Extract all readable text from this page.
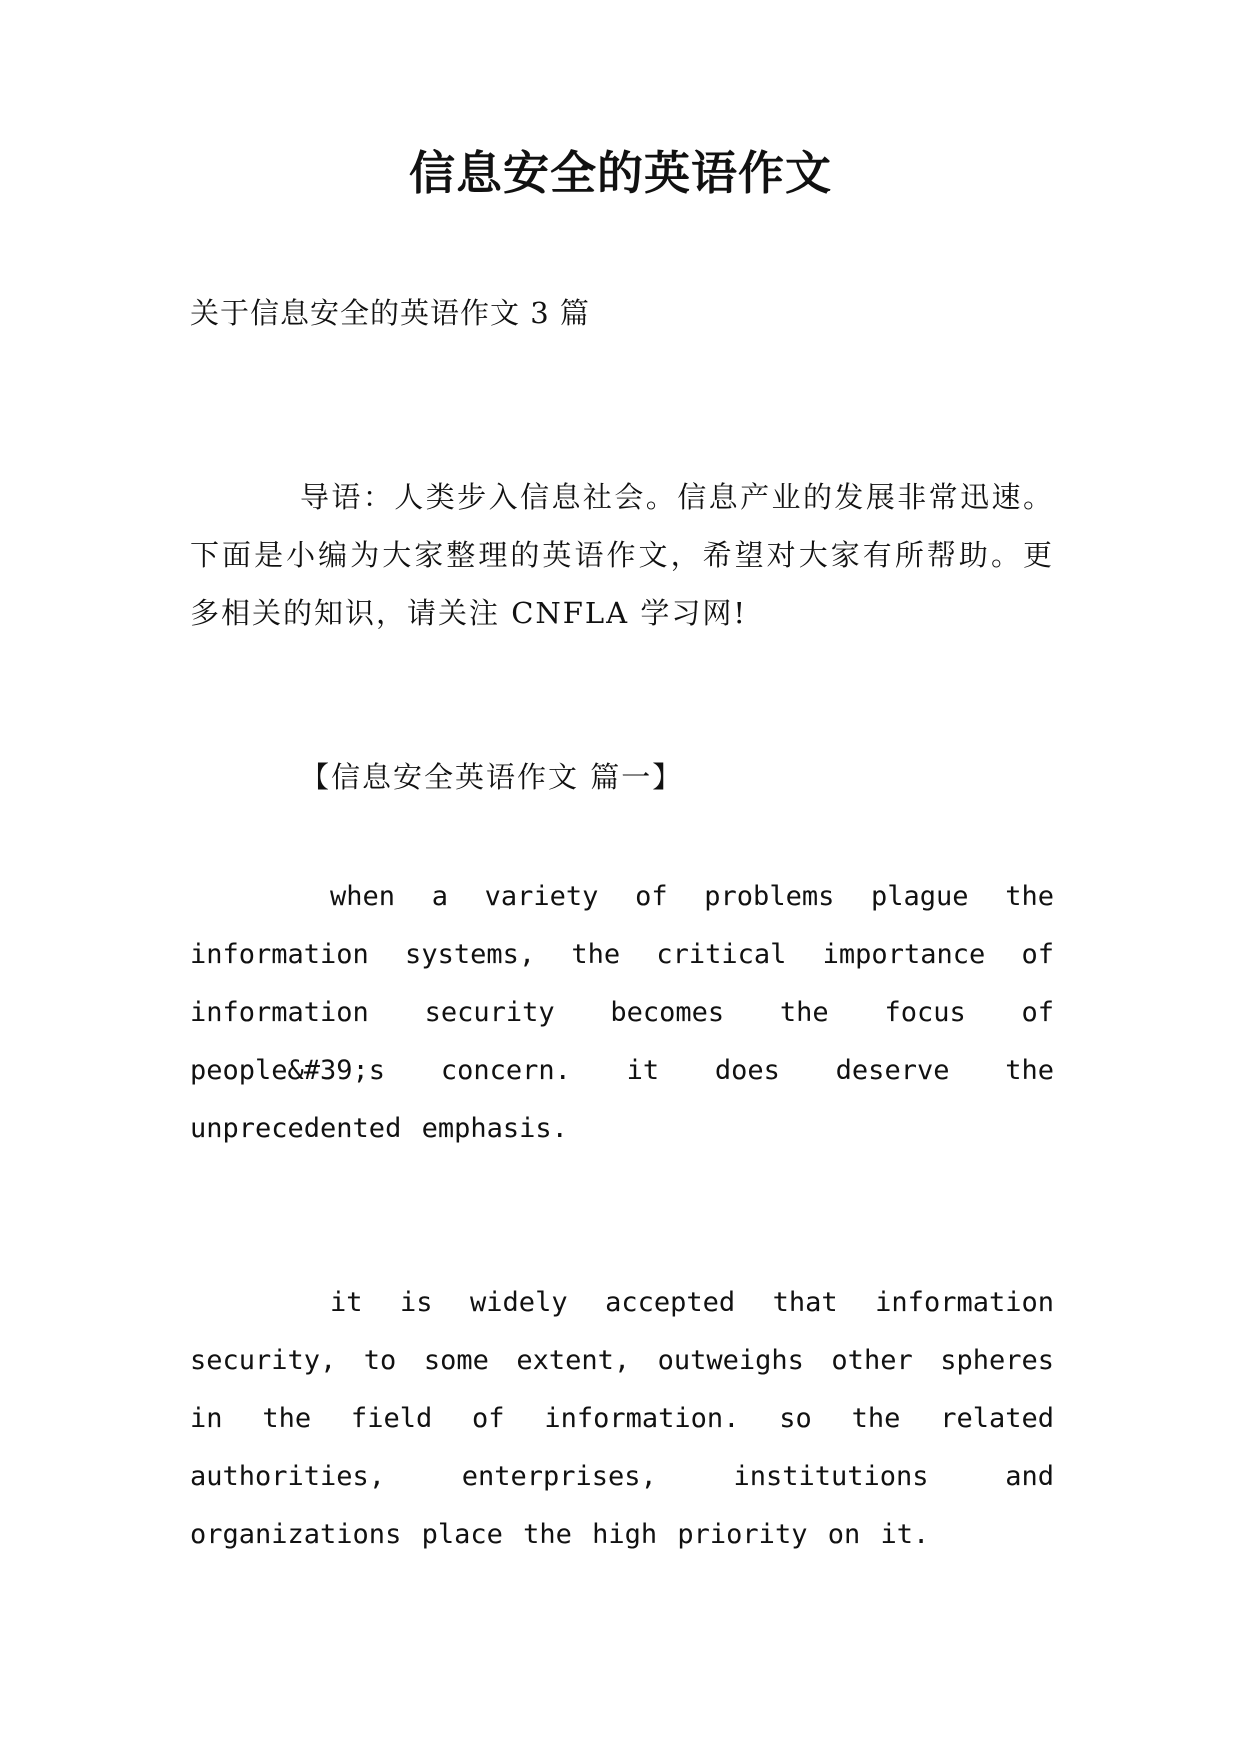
信息安全的英语作文
关于信息安全的英语作文 3 篇
导语：人类步入信息社会。信息产业的发展非常迅速。下面是小编为大家整理的英语作文，希望对大家有所帮助。更多相关的知识，请关注 CNFLA 学习网!
【信息安全英语作文 篇一】
when a variety of problems plague the information systems, the critical importance of information security becomes the focus of people&#39;s concern. it does deserve the unprecedented emphasis.
it is widely accepted that information security, to some extent, outweighs other spheres in the field of information. so the related authorities, enterprises, institutions and organizations place the high priority on it.
